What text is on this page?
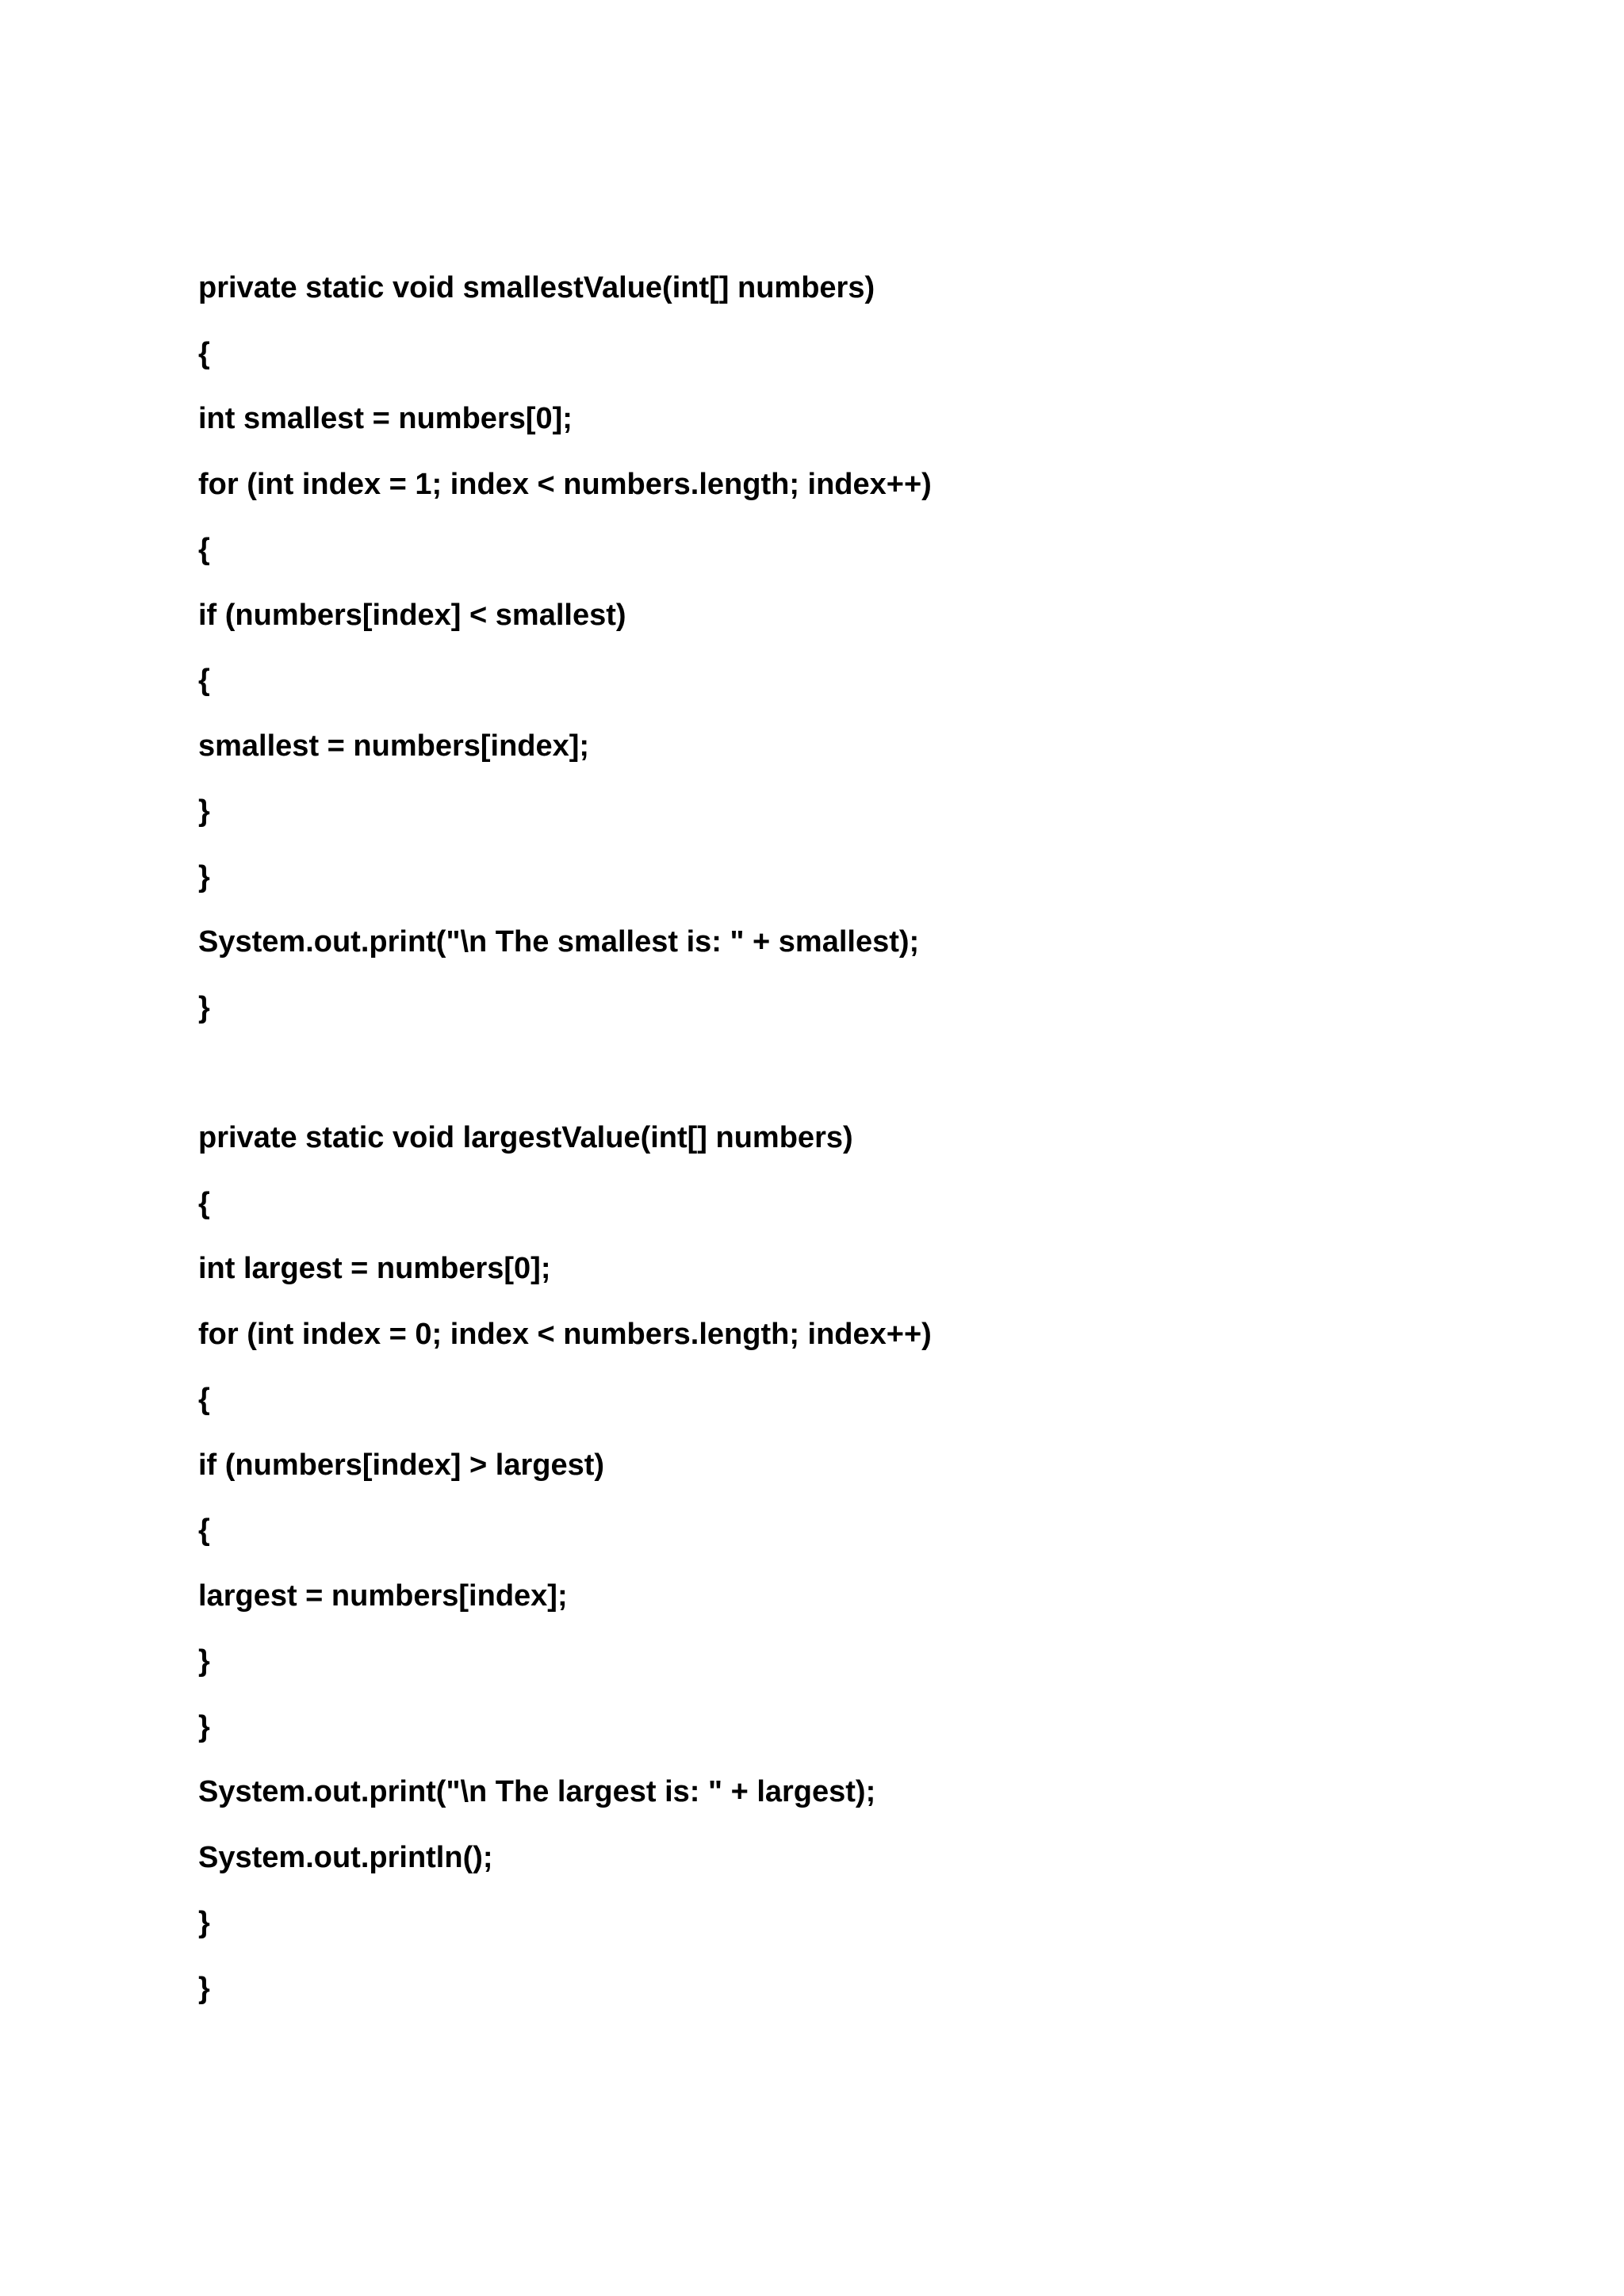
private static void smallestValue(int[] numbers)
{
int smallest = numbers[0];
for (int index = 1; index < numbers.length; index++)
{
if (numbers[index] < smallest)
{
smallest = numbers[index];
}
}
System.out.print("\n The smallest is: " + smallest);
}
private static void largestValue(int[] numbers)
{
int largest = numbers[0];
for (int index = 0; index < numbers.length; index++)
{
if (numbers[index] > largest)
{
largest = numbers[index];
}
}
System.out.print("\n The largest is: " + largest);
System.out.println();
}
}
